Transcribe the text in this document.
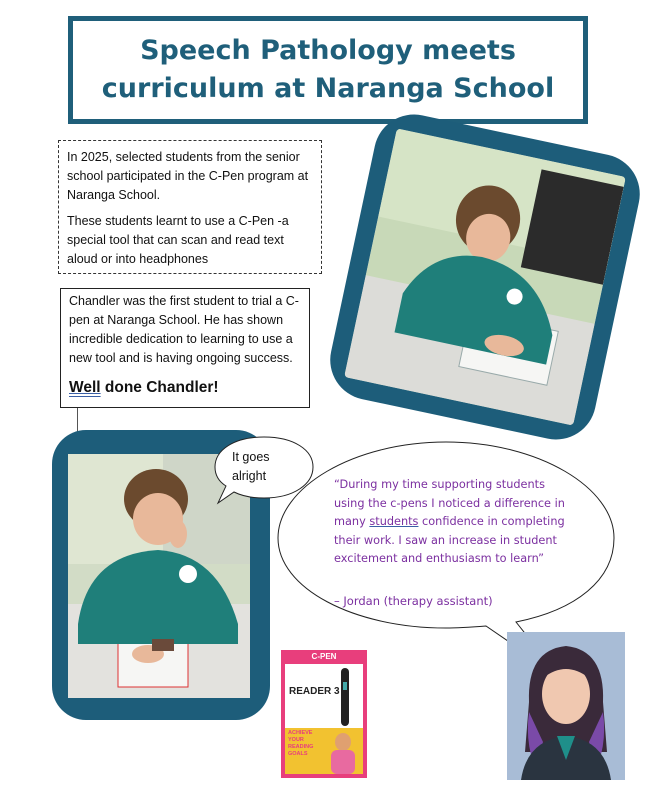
Speech Pathology meets
curriculum at Naranga School

In 2025, selected students from the senior school participated in the C-Pen program at Naranga School.

These students learnt to use a C-Pen -a special tool that can scan and read text aloud or into headphones

Chandler was the first student to trial a C-pen at Naranga School. He has shown incredible dedication to learning to use a new tool and is having ongoing success.

Well done Chandler!

It goes alright
“During my time supporting students using the c-pens I noticed a difference in many students confidence in completing their work. I saw an increase in student excitement and enthusiasm to learn”
– Jordan (therapy assistant)
C-PEN
READER 3
ACHIEVE YOUR READING GOALS
